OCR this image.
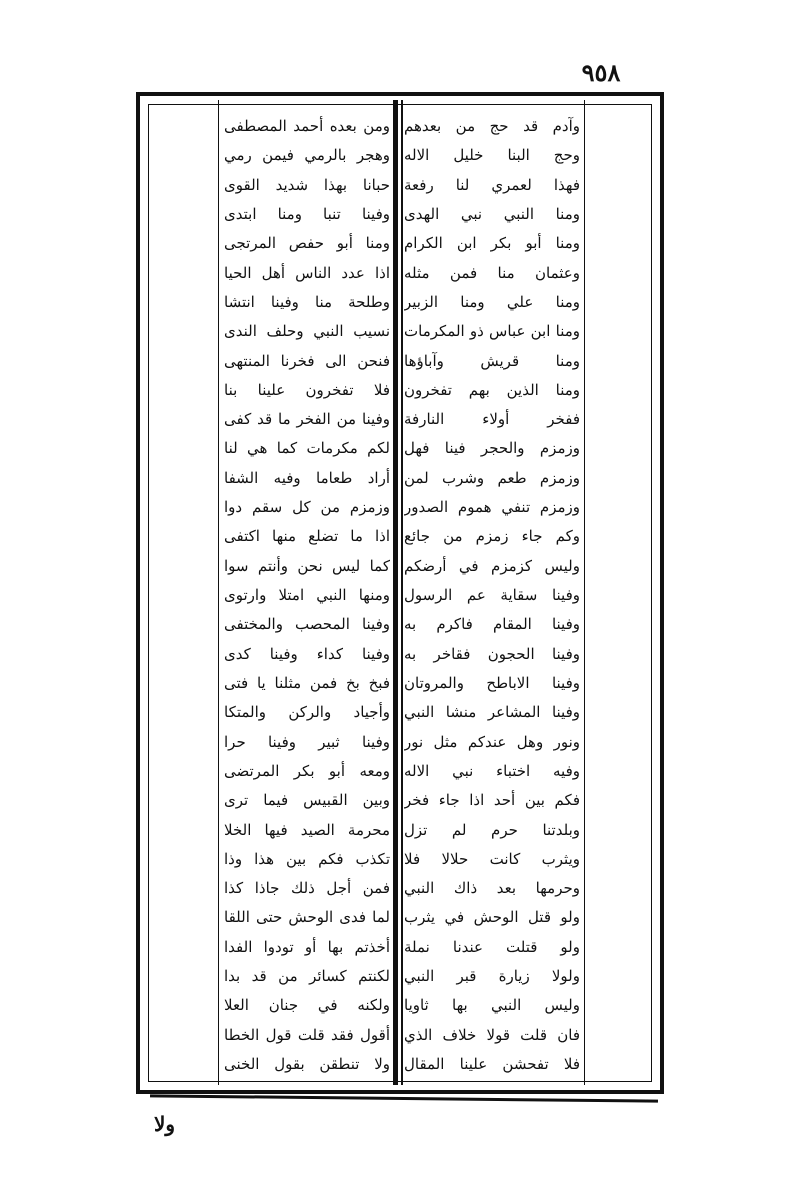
٩٥٨
وآدم قد حج من بعدهم
وحج البنا خليل الاله
فهذا لعمري لنا رفعة
ومنا النبي نبي الهدى
ومنا أبو بكر ابن الكرام
وعثمان منا فمن مثله
ومنا علي ومنا الزبير
ومنا ابن عباس ذو المكرمات
ومنا قريش وآباؤها
ومنا الذين بهم تفخرون
ففخر أولاء النارفة
وزمزم والحجر فينا فهل
وزمزم طعم وشرب لمن
وزمزم تنفي هموم الصدور
وكم جاء زمزم من جائع
وليس كزمزم في أرضكم
وفينا سقاية عم الرسول
وفينا المقام فاكرم به
وفينا الحجون فقاخر به
وفينا الاباطح والمروتان
وفينا المشاعر منشا النبي
ونور وهل عندكم مثل نور
وفيه اختباء نبي الاله
فكم بين أحد اذا جاء فخر
وبلدتنا حرم لم تزل
ويثرب كانت حلالا فلا
وحرمها بعد ذاك النبي
ولو قتل الوحش في يثرب
ولو قتلت عندنا نملة
ولولا زيارة قبر النبي
وليس النبي بها ثاويا
فان قلت قولا خلاف الذي
فلا تفحشن علينا المقال
ومن بعده أحمد المصطفى
وهجر بالرمي فيمن رمي
حبانا بهذا شديد القوى
وفينا تنبا ومنا ابتدى
ومنا أبو حفص المرتجى
اذا عدد الناس أهل الحيا
وطلحة منا وفينا انتشا
نسيب النبي وحلف الندى
فنحن الى فخرنا المنتهى
فلا تفخرون علينا بنا
وفينا من الفخر ما قد كفى
لكم مكرمات كما هي لنا
أراد طعاما وفيه الشفا
وزمزم من كل سقم دوا
اذا ما تضلع منها اكتفى
كما ليس نحن وأنتم سوا
ومنها النبي امتلا وارتوى
وفينا المحصب والمختفى
وفينا كداء وفينا كدى
فبخ بخ فمن مثلنا يا فتى
وأجياد والركن والمتكا
وفينا ثبير وفينا حرا
ومعه أبو بكر المرتضى
وبين القبيس فيما ترى
محرمة الصيد فيها الخلا
تكذب فكم بين هذا وذا
فمن أجل ذلك جاذا كذا
لما فدى الوحش حتى اللقا
أخذتم بها أو تودوا الفدا
لكنتم كسائر من قد بدا
ولكنه في جنان العلا
أقول فقد قلت قول الخطا
ولا تنطقن بقول الخنى
ولا
